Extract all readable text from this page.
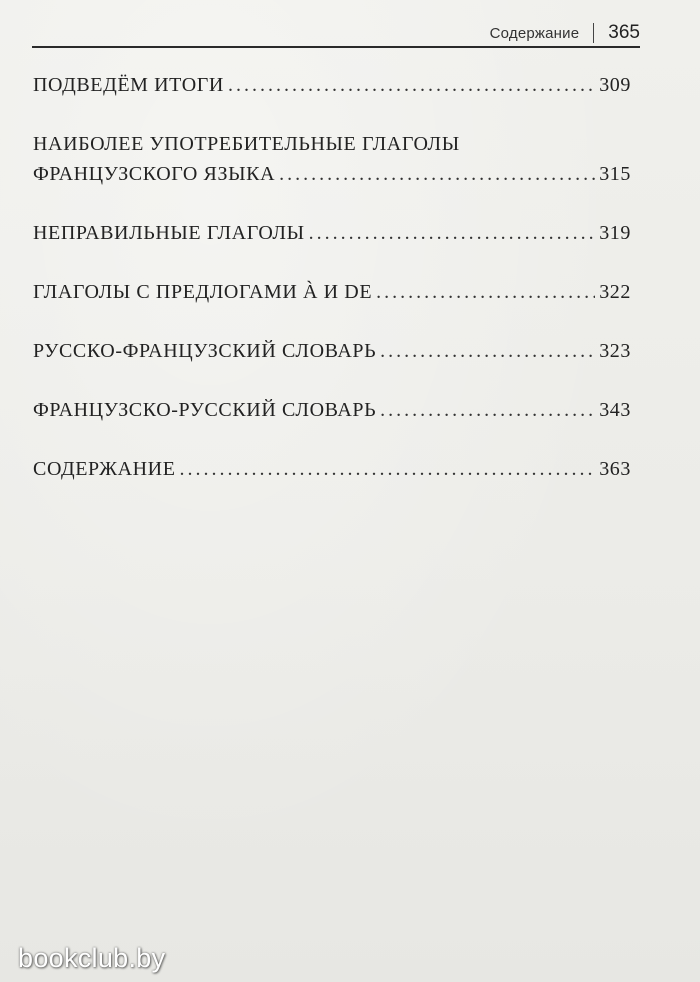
Содержание 365
ПОДВЕДЁМ ИТОГИ . . .	309
НАИБОЛЕЕ УПОТРЕБИТЕЛЬНЫЕ ГЛАГОЛЫ
ФРАНЦУЗСКОГО ЯЗЫКА . . .	315
НЕПРАВИЛЬНЫЕ ГЛАГОЛЫ . . .	319
ГЛАГОЛЫ С ПРЕДЛОГАМИ À И DE . . .	322
РУССКО-ФРАНЦУЗСКИЙ СЛОВАРЬ . . .	323
ФРАНЦУЗСКО-РУССКИЙ СЛОВАРЬ . . .	343
СОДЕРЖАНИЕ . . .	363
bookclub.by
